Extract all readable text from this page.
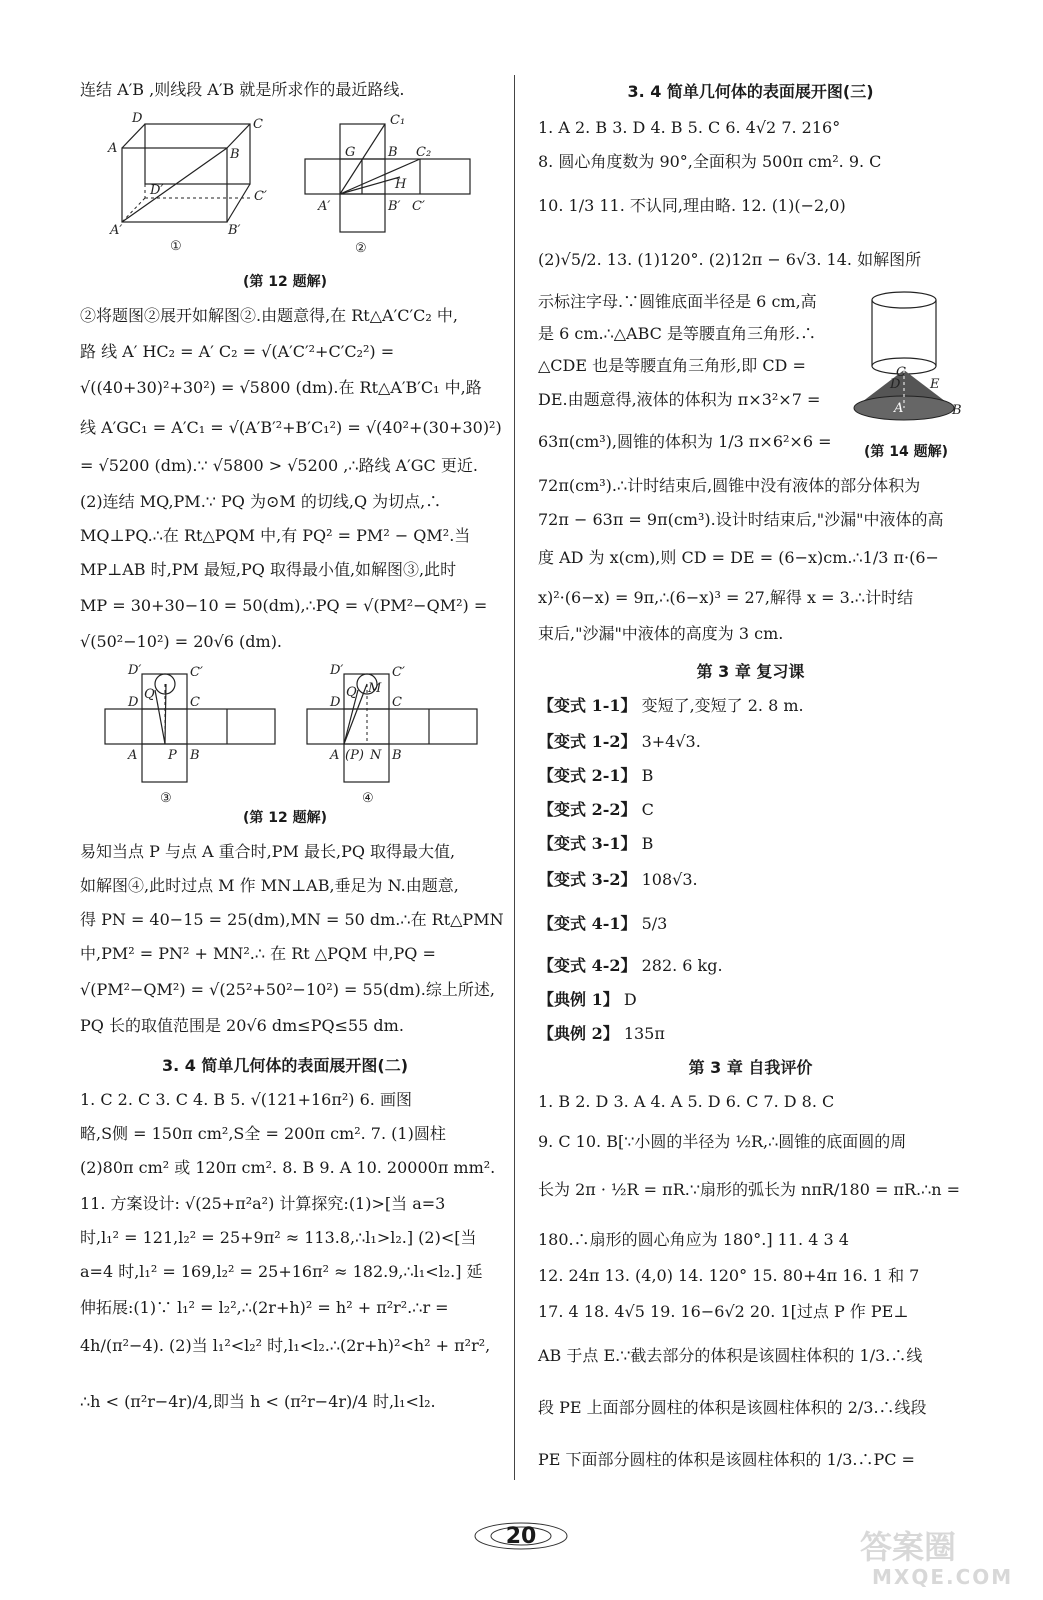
连结 A′B ,则线段 A′B 就是所求作的最近路线.
D	C
A	B
D′	C′
A′	B′
①
C₁
G	B C₂
H
A′	B′ C′
②
(第 12 题解)
②将题图②展开如解图②.由题意得,在 Rt△A′C′C₂ 中,
路 线 A′ HC₂ = A′ C₂ = √(A′C′²+C′C₂²) =
√((40+30)²+30²) = √5800 (dm).在 Rt△A′B′C₁ 中,路
线 A′GC₁ = A′C₁ = √(A′B′²+B′C₁²) = √(40²+(30+30)²)
= √5200 (dm).∵ √5800 > √5200 ,∴路线 A′GC 更近.
(2)连结 MQ,PM.∵ PQ 为⊙M 的切线,Q 为切点,∴
MQ⊥PQ.∴在 Rt△PQM 中,有 PQ² = PM² − QM².当
MP⊥AB 时,PM 最短,PQ 取得最小值,如解图③,此时
MP = 30+30−10 = 50(dm),∴PQ = √(PM²−QM²) =
√(50²−10²) = 20√6 (dm).
D′	C′
D
Q
C
A P B
③
D′	C′
D
Q M
C
A (P) N B
④
(第 12 题解)
易知当点 P 与点 A 重合时,PM 最长,PQ 取得最大值,
如解图④,此时过点 M 作 MN⊥AB,垂足为 N.由题意,
得 PN = 40−15 = 25(dm),MN = 50 dm.∴在 Rt△PMN
中,PM² = PN² + MN².∴ 在 Rt △PQM 中,PQ =
√(PM²−QM²) = √(25²+50²−10²) = 55(dm).综上所述,
PQ 长的取值范围是 20√6 dm≤PQ≤55 dm.
3. 4 简单几何体的表面展开图(二)
1. C 2. C 3. C 4. B 5. √(121+16π²) 6. 画图
略,S侧 = 150π cm²,S全 = 200π cm². 7. (1)圆柱
(2)80π cm² 或 120π cm². 8. B 9. A 10. 20000π mm².
11. 方案设计: √(25+π²a²) 计算探究:(1)>[当 a=3
时,l₁² = 121,l₂² = 25+9π² ≈ 113.8,∴l₁>l₂.] (2)<[当
a=4 时,l₁² = 169,l₂² = 25+16π² ≈ 182.9,∴l₁<l₂.] 延
伸拓展:(1)∵ l₁² = l₂²,∴(2r+h)² = h² + π²r².∴r =
4h/(π²−4). (2)当 l₁²<l₂² 时,l₁<l₂.∴(2r+h)²<h² + π²r²,
∴h < (π²r−4r)/4,即当 h < (π²r−4r)/4 时,l₁<l₂.
3. 4 简单几何体的表面展开图(三)
1. A 2. B 3. D 4. B 5. C 6. 4√2 7. 216°
8. 圆心角度数为 90°,全面积为 500π cm². 9. C
10. 1/3 11. 不认同,理由略. 12. (1)(−2,0)
(2)√5/2. 13. (1)120°. (2)12π − 6√3. 14. 如解图所
示标注字母.∵圆锥底面半径是 6 cm,高
是 6 cm.∴△ABC 是等腰直角三角形.∴
△CDE 也是等腰直角三角形,即 CD =
DE.由题意得,液体的体积为 π×3²×7 =
63π(cm³),圆锥的体积为 1/3 π×6²×6 =
C
D E
A	B
(第 14 题解)
72π(cm³).∴计时结束后,圆锥中没有液体的部分体积为
72π − 63π = 9π(cm³).设计时结束后,"沙漏"中液体的高
度 AD 为 x(cm),则 CD = DE = (6−x)cm.∴1/3 π·(6−
x)²·(6−x) = 9π,∴(6−x)³ = 27,解得 x = 3.∴计时结
束后,"沙漏"中液体的高度为 3 cm.
第 3 章 复习课
【变式 1-1】 变短了,变短了 2. 8 m.
【变式 1-2】 3+4√3.
【变式 2-1】 B
【变式 2-2】 C
【变式 3-1】 B
【变式 3-2】 108√3.
【变式 4-1】 5/3
【变式 4-2】 282. 6 kg.
【典例 1】 D
【典例 2】 135π
第 3 章 自我评价
1. B 2. D 3. A 4. A 5. D 6. C 7. D 8. C
9. C 10. B[∵小圆的半径为 ½R,∴圆锥的底面圆的周
长为 2π · ½R = πR.∵扇形的弧长为 nπR/180 = πR.∴n =
180.∴扇形的圆心角应为 180°.] 11. 4 3 4
12. 24π 13. (4,0) 14. 120° 15. 80+4π 16. 1 和 7
17. 4 18. 4√5 19. 16−6√2 20. 1[过点 P 作 PE⊥
AB 于点 E.∵截去部分的体积是该圆柱体积的 1/3.∴线
段 PE 上面部分圆柱的体积是该圆柱体积的 2/3.∴线段
PE 下面部分圆柱的体积是该圆柱体积的 1/3.∴PC =
20	答案圈
MXQE.COM
